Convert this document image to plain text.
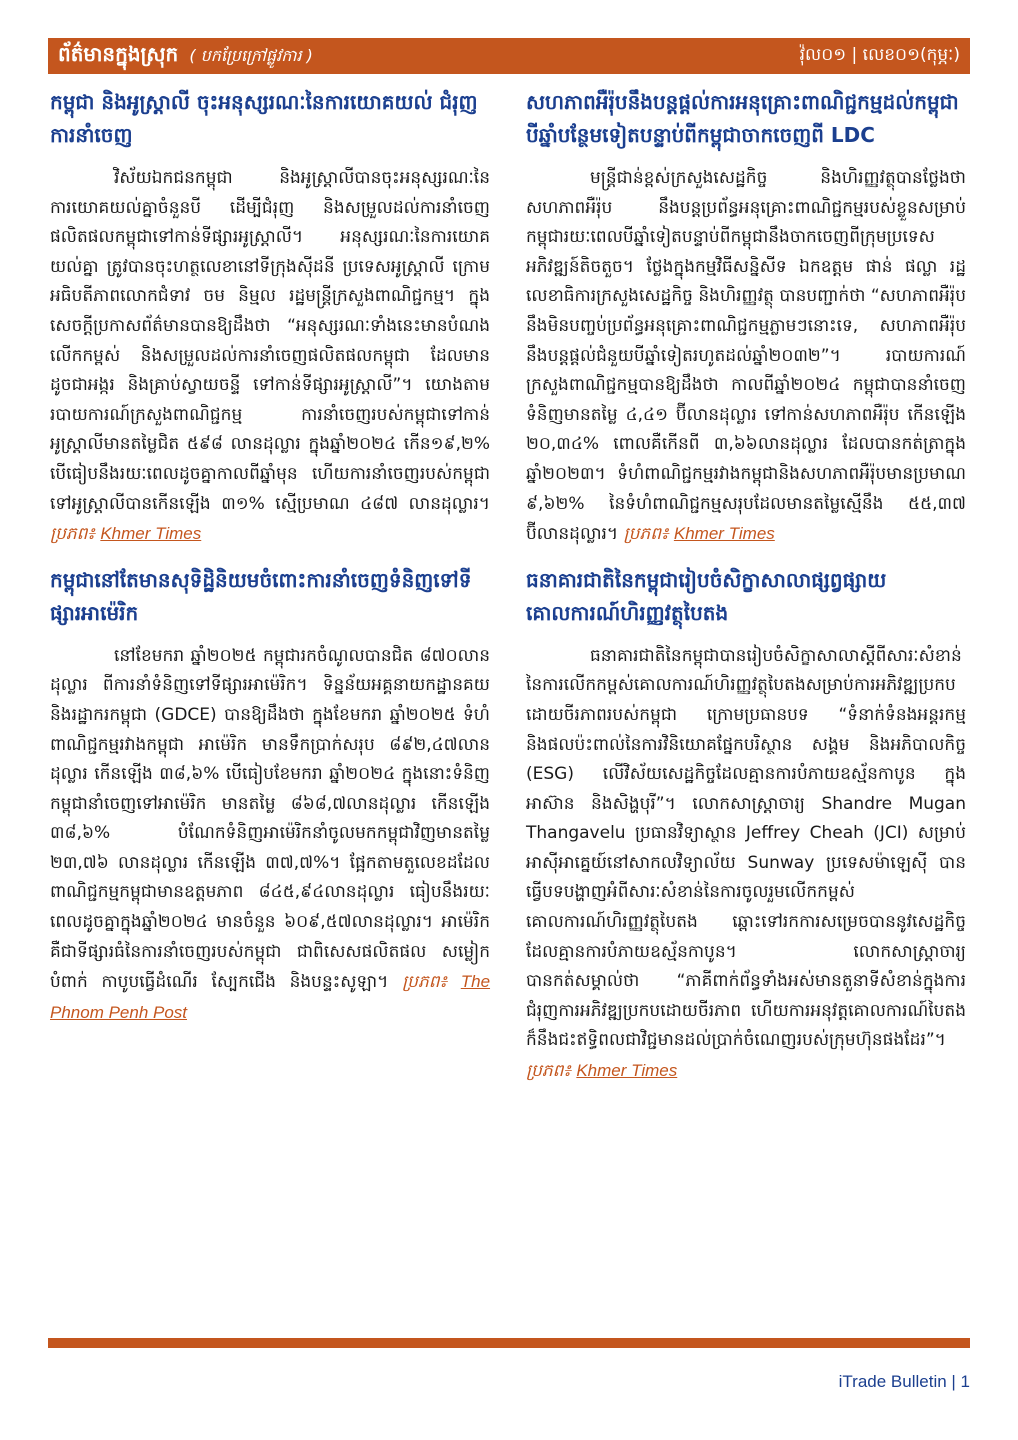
ព័ត៌មានក្នុងស្រុក ( បកប្រែក្រៅផ្លូវការ )	វ៉ុល០១ | លេខ០១(កុម្ភៈ)
កម្ពុជា និងអូស្ត្រាលី ចុះអនុស្សរណៈនៃការយោគយល់ ជំរុញការនាំចេញ

វិស័យឯកជនកម្ពុជា និងអូស្ត្រាលីបានចុះអនុស្សរណៈនៃការយោគយល់គ្នាចំនួនបី ដើម្បីជំរុញ និងសម្រួលដល់ការនាំចេញផលិតផលកម្ពុជាទៅកាន់ទីផ្សារអូស្ត្រាលី។ អនុស្សរណៈនៃការយោគយល់គ្នា ត្រូវបានចុះហត្ថលេខានៅទីក្រុងស៊ីដនី ប្រទេសអូស្ត្រាលី ក្រោមអធិបតីភាពលោកជំទាវ ចម និម្មល រដ្ឋមន្ត្រីក្រសួងពាណិជ្ជកម្ម។ ក្នុងសេចក្តីប្រកាសព័ត៌មានបានឱ្យដឹងថា “អនុស្សរណៈទាំងនេះមានបំណងលើកកម្ពស់ និងសម្រួលដល់ការនាំចេញផលិតផលកម្ពុជា ដែលមានដូចជាអង្ករ និងគ្រាប់ស្វាយចន្ទី ទៅកាន់ទីផ្សារអូស្ត្រាលី”។ យោងតាមរបាយការណ៍ក្រសួងពាណិជ្ជកម្ម ការនាំចេញរបស់កម្ពុជាទៅកាន់អូស្ត្រាលីមានតម្លៃជិត ៥៩៨ លានដុល្លារ ក្នុងឆ្នាំ២០២៤ កើន១៩,២% បើធៀបនឹងរយៈពេលដូចគ្នាកាលពីឆ្នាំមុន ហើយការនាំចេញរបស់កម្ពុជាទៅអូស្ត្រាលីបានកើនឡើង ៣១% ស្មើប្រមាណ ៤៨៧ លានដុល្លារ។ ប្រភព៖ Khmer Times

កម្ពុជានៅតែមានសុទិដ្ឋិនិយមចំពោះការនាំចេញទំនិញទៅទីផ្សារអាម៉េរិក

នៅខែមករា ឆ្នាំ២០២៥ កម្ពុជារកចំណូលបានជិត ៨៧០លានដុល្លារ ពីការនាំទំនិញទៅទីផ្សារអាម៉េរិក។ ទិន្នន័យអគ្គនាយកដ្ឋានគយ និងរដ្ឋាករកម្ពុជា (GDCE) បានឱ្យដឹងថា ក្នុងខែមករា ឆ្នាំ២០២៥ ទំហំពាណិជ្ជកម្មរវាងកម្ពុជា អាម៉េរិក មានទឹកប្រាក់សរុប ៨៩២,៤៧លានដុល្លារ កើនឡើង ៣៨,៦% បើធៀបខែមករា ឆ្នាំ២០២៤ ក្នុងនោះទំនិញកម្ពុជានាំចេញទៅអាម៉េរិក មានតម្លៃ ៨៦៨,៧លានដុល្លារ កើនឡើង ៣៨,៦% បំណែកទំនិញអាម៉េរិកនាំចូលមកកម្ពុជាវិញមានតម្លៃ ២៣,៧៦ លានដុល្លារ កើនឡើង ៣៧,៧%។ ផ្អែកតាមតួលេខដដែល ពាណិជ្ជកម្មកម្ពុជាមានឧត្តមភាព ៨៤៥,៩៤លានដុល្លារ ធៀបនឹងរយៈពេលដូចគ្នាក្នុងឆ្នាំ២០២៤ មានចំនួន ៦០៩,៥៧លានដុល្លារ។ អាម៉េរិក គឺជាទីផ្សារធំនៃការនាំចេញរបស់កម្ពុជា ជាពិសេសផលិតផល សម្លៀកបំពាក់ កាបូបធ្វើដំណើរ ស្បែកជើង និងបន្ទះសូឡា។ ប្រភព៖ The Phnom Penh Post

សហភាពអឺរ៉ុបនឹងបន្តផ្តល់ការអនុគ្រោះពាណិជ្ជកម្មដល់កម្ពុជា បីឆ្នាំបន្ថែមទៀតបន្ទាប់ពីកម្ពុជាចាកចេញពី LDC

មន្ត្រីជាន់ខ្ពស់ក្រសួងសេដ្ឋកិច្ច និងហិរញ្ញវត្ថុបានថ្លែងថា សហភាពអឺរ៉ុប នឹងបន្តប្រព័ន្ធអនុគ្រោះពាណិជ្ជកម្មរបស់ខ្លួនសម្រាប់កម្ពុជារយៈពេលបីឆ្នាំទៀតបន្ទាប់ពីកម្ពុជានឹងចាកចេញពីក្រុមប្រទេសអភិវឌ្ឍន៍តិចតួច។ ថ្លែងក្នុងកម្មវិធីសន្និសីទ ឯកឧត្តម ផាន់ ផល្លា រដ្ឋលេខាធិការក្រសួងសេដ្ឋកិច្ច និងហិរញ្ញវត្ថុ បានបញ្ជាក់ថា “សហភាពអឺរ៉ុបនឹងមិនបញ្ចប់ប្រព័ន្ធអនុគ្រោះពាណិជ្ជកម្មភ្លាមៗនោះទេ, សហភាពអឺរ៉ុបនឹងបន្តផ្តល់ជំនួយបីឆ្នាំទៀតរហូតដល់ឆ្នាំ២០៣២”។ របាយការណ៍ក្រសួងពាណិជ្ជកម្មបានឱ្យដឹងថា កាលពីឆ្នាំ២០២៤ កម្ពុជាបាននាំចេញទំនិញមានតម្លៃ ៤,៤១ ប៊ីលានដុល្លារ ទៅកាន់សហភាពអឺរ៉ុប កើនឡើង ២០,៣៤% ពោលគឺកើនពី ៣,៦៦លានដុល្លារ ដែលបានកត់ត្រាក្នុងឆ្នាំ២០២៣។ ទំហំពាណិជ្ជកម្មរវាងកម្ពុជានិងសហភាពអឺរ៉ុបមានប្រមាណ ៩,៦២% នៃទំហំពាណិជ្ជកម្មសរុបដែលមានតម្លៃស្មើនឹង ៥៥,៣៧ ប៊ីលានដុល្លារ។ ប្រភព៖ Khmer Times

ធនាគារជាតិនៃកម្ពុជារៀបចំសិក្ខាសាលាផ្សព្វផ្សាយគោលការណ៍ហិរញ្ញវត្ថុបៃតង

ធនាគារជាតិនៃកម្ពុជាបានរៀបចំសិក្ខាសាលាស្តីពីសារៈសំខាន់នៃការលើកកម្ពស់គោលការណ៍ហិរញ្ញវត្ថុបៃតងសម្រាប់ការអភិវឌ្ឍប្រកបដោយចីរភាពរបស់កម្ពុជា ក្រោមប្រធានបទ “ទំនាក់ទំនងអន្តរកម្ម និងផលប៉ះពាល់នៃការវិនិយោគផ្នែកបរិស្ថាន សង្គម និងអភិបាលកិច្ច (ESG) លើវិស័យសេដ្ឋកិច្ចដែលគ្មានការបំភាយឧស្ម័នកាបូន ក្នុងអាស៊ាន និងសិង្ហបុរី”។ លោកសាស្ត្រាចារ្យ Shandre Mugan Thangavelu ប្រធានវិទ្យាស្ថាន Jeffrey Cheah (JCI) សម្រាប់អាស៊ីអាគ្នេយ៍នៅសាកលវិទ្យាល័យ Sunway ប្រទេសម៉ាឡេស៊ី បានធ្វើបទបង្ហាញអំពីសារៈសំខាន់នៃការចូលរួមលើកកម្ពស់គោលការណ៍ហិរញ្ញវត្ថុបៃតង ឆ្ពោះទៅរកការសម្រេចបាននូវសេដ្ឋកិច្ចដែលគ្មានការបំភាយឧស្ម័នកាបូន។ លោកសាស្ត្រាចារ្យបានកត់សម្គាល់ថា “ភាគីពាក់ព័ន្ធទាំងអស់មានតួនាទីសំខាន់ក្នុងការជំរុញការអភិវឌ្ឍប្រកបដោយចីរភាព ហើយការអនុវត្តគោលការណ៍បៃតងក៏នឹងជះឥទ្ធិពលជាវិជ្ជមានដល់ប្រាក់ចំណេញរបស់ក្រុមហ៊ុនផងដែរ”។ ប្រភព៖ Khmer Times

iTrade Bulletin | 1
